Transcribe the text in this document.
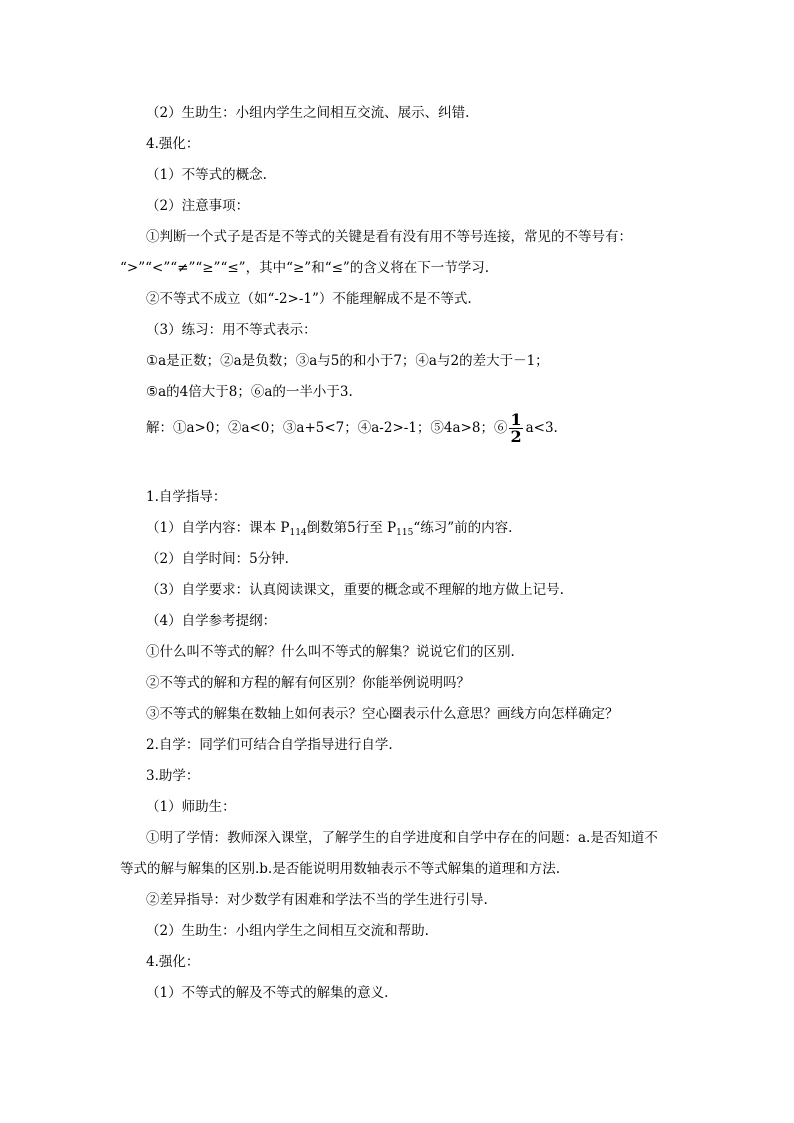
（2）生助生：小组内学生之间相互交流、展示、纠错.
4.强化：
（1）不等式的概念.
（2）注意事项：
①判断一个式子是否是不等式的关键是看有没有用不等号连接，常见的不等号有：
“>”“<”“≠”“≥”“≤”，其中“≥”和“≤”的含义将在下一节学习.
②不等式不成立（如“-2>-1”）不能理解成不是不等式.
（3）练习：用不等式表示：
①a是正数；②a是负数；③a与5的和小于7；④a与2的差大于－1；
⑤a的4倍大于8；⑥a的一半小于3.
解：①a>0；②a<0；③a+5<7；④a-2>-1；⑤4a>8；⑥ $\frac{1}{2} a<3$.
1.自学指导：
（1）自学内容：课本 $P_{114}$倒数第5行至 $P_{115}“$练习”前的内容.
（2）自学时间：5分钟.
（3）自学要求：认真阅读课文，重要的概念或不理解的地方做上记号.
（4）自学参考提纲：
①什么叫不等式的解？什么叫不等式的解集？说说它们的区别.
②不等式的解和方程的解有何区别？你能举例说明吗？
③不等式的解集在数轴上如何表示？空心圈表示什么意思？画线方向怎样确定？
2.自学：同学们可结合自学指导进行自学.
3.助学：
（1）师助生：
①明了学情：教师深入课堂，了解学生的自学进度和自学中存在的问题：a.是否知道不
等式的解与解集的区别.b.是否能说明用数轴表示不等式解集的道理和方法.
②差异指导：对少数学有困难和学法不当的学生进行引导.
（2）生助生：小组内学生之间相互交流和帮助.
4.强化：
（1）不等式的解及不等式的解集的意义.
